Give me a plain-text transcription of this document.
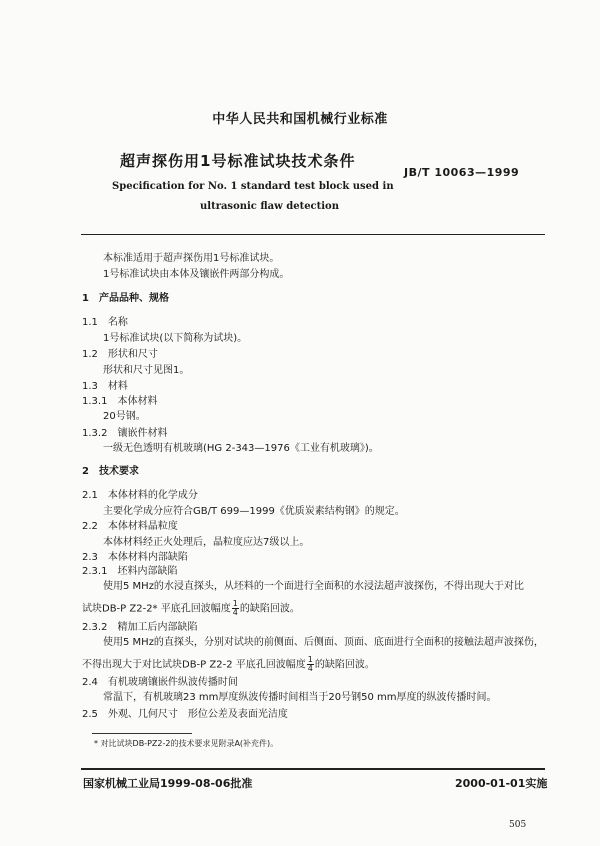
中华人民共和国机械行业标准
超声探伤用1号标准试块技术条件
JB/T 10063—1999
Specification for No. 1 standard test block used in
ultrasonic flaw detection
本标准适用于超声探伤用1号标准试块。
1号标准试块由本体及镶嵌件两部分构成。
1　产品品种、规格
1.1　名称
1号标准试块(以下简称为试块)。
1.2　形状和尺寸
形状和尺寸见图1。
1.3　材料
1.3.1　本体材料
20号钢。
1.3.2　镶嵌件材料
一级无色透明有机玻璃(HG 2-343—1976《工业有机玻璃》)。
2　技术要求
2.1　本体材料的化学成分
主要化学成分应符合GB/T 699—1999《优质炭素结构钢》的规定。
2.2　本体材料晶粒度
本体材料经正火处理后，晶粒度应达7级以上。
2.3　本体材料内部缺陷
2.3.1　坯料内部缺陷
使用5 MHz的水浸直探头，从坯料的一个面进行全面积的水浸法超声波探伤，不得出现大于对比
试块DB-P Z2-2* 平底孔回波幅度 $\frac{1}{4}$ 的缺陷回波。
2.3.2　精加工后内部缺陷
使用5 MHz的直探头，分别对试块的前侧面、后侧面、顶面、底面进行全面积的接触法超声波探伤，
不得出现大于对比试块DB-P Z2-2 平底孔回波幅度 $\frac{1}{4}$ 的缺陷回波。
2.4　有机玻璃镶嵌件纵波传播时间
常温下，有机玻璃23 mm厚度纵波传播时间相当于20号钢50 mm厚度的纵波传播时间。
2.5　外观、几何尺寸　形位公差及表面光洁度
* 对比试块DB-PZ2-2的技术要求见附录A(补充件)。
国家机械工业局1999-08-06批准	2000-01-01实施
505
